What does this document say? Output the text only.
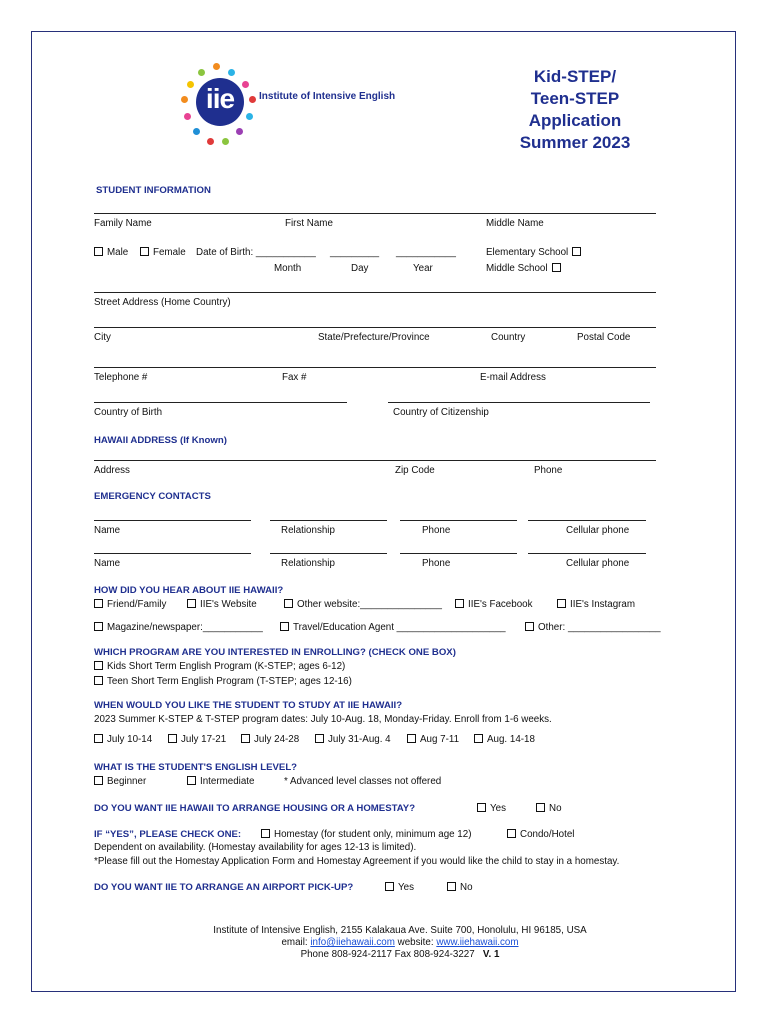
iie	Institute of Intensive English
Kid-STEP/
Teen-STEP
Application
Summer 2023
STUDENT INFORMATION
Family Name	First Name	Middle Name
Male	Female Date of Birth: ___________ _________ ___________
Month	Day	Year
Elementary School
Middle School
Street Address (Home Country)
City	State/Prefecture/Province	Country	Postal Code
Telephone #	Fax #	E-mail Address
Country of Birth	Country of Citizenship
HAWAII ADDRESS (If Known)
Address	Zip Code	Phone
EMERGENCY CONTACTS
Name	Relationship	Phone	Cellular phone
Name	Relationship	Phone	Cellular phone
HOW DID YOU HEAR ABOUT IIE HAWAII?
Friend/Family	IIE's Website	Other website:_______________	IIE's Facebook	IIE's Instagram
Magazine/newspaper:___________	Travel/Education Agent ____________________	Other: _________________
WHICH PROGRAM ARE YOU INTERESTED IN ENROLLING? (CHECK ONE BOX)
Kids Short Term English Program (K-STEP; ages 6-12)
Teen Short Term English Program (T-STEP; ages 12-16)
WHEN WOULD YOU LIKE THE STUDENT TO STUDY AT IIE HAWAII?
2023 Summer K-STEP & T-STEP program dates: July 10-Aug. 18, Monday-Friday. Enroll from 1-6 weeks.
July 10-14	July 17-21	July 24-28	July 31-Aug. 4	Aug 7-11	Aug. 14-18
WHAT IS THE STUDENT'S ENGLISH LEVEL?
Beginner	Intermediate	* Advanced level classes not offered
DO YOU WANT IIE HAWAII TO ARRANGE HOUSING OR A HOMESTAY?	Yes	No
IF “YES”, PLEASE CHECK ONE:	Homestay (for student only, minimum age 12)	Condo/Hotel
Dependent on availability. (Homestay availability for ages 12-13 is limited).
*Please fill out the Homestay Application Form and Homestay Agreement if you would like the child to stay in a homestay.
DO YOU WANT IIE TO ARRANGE AN AIRPORT PICK-UP?	Yes	No
Institute of Intensive English, 2155 Kalakaua Ave. Suite 700, Honolulu, HI 96185, USA
email: info@iiehawaii.com website: www.iiehawaii.com
Phone 808-924-2117 Fax 808-924-3227 V. 1
